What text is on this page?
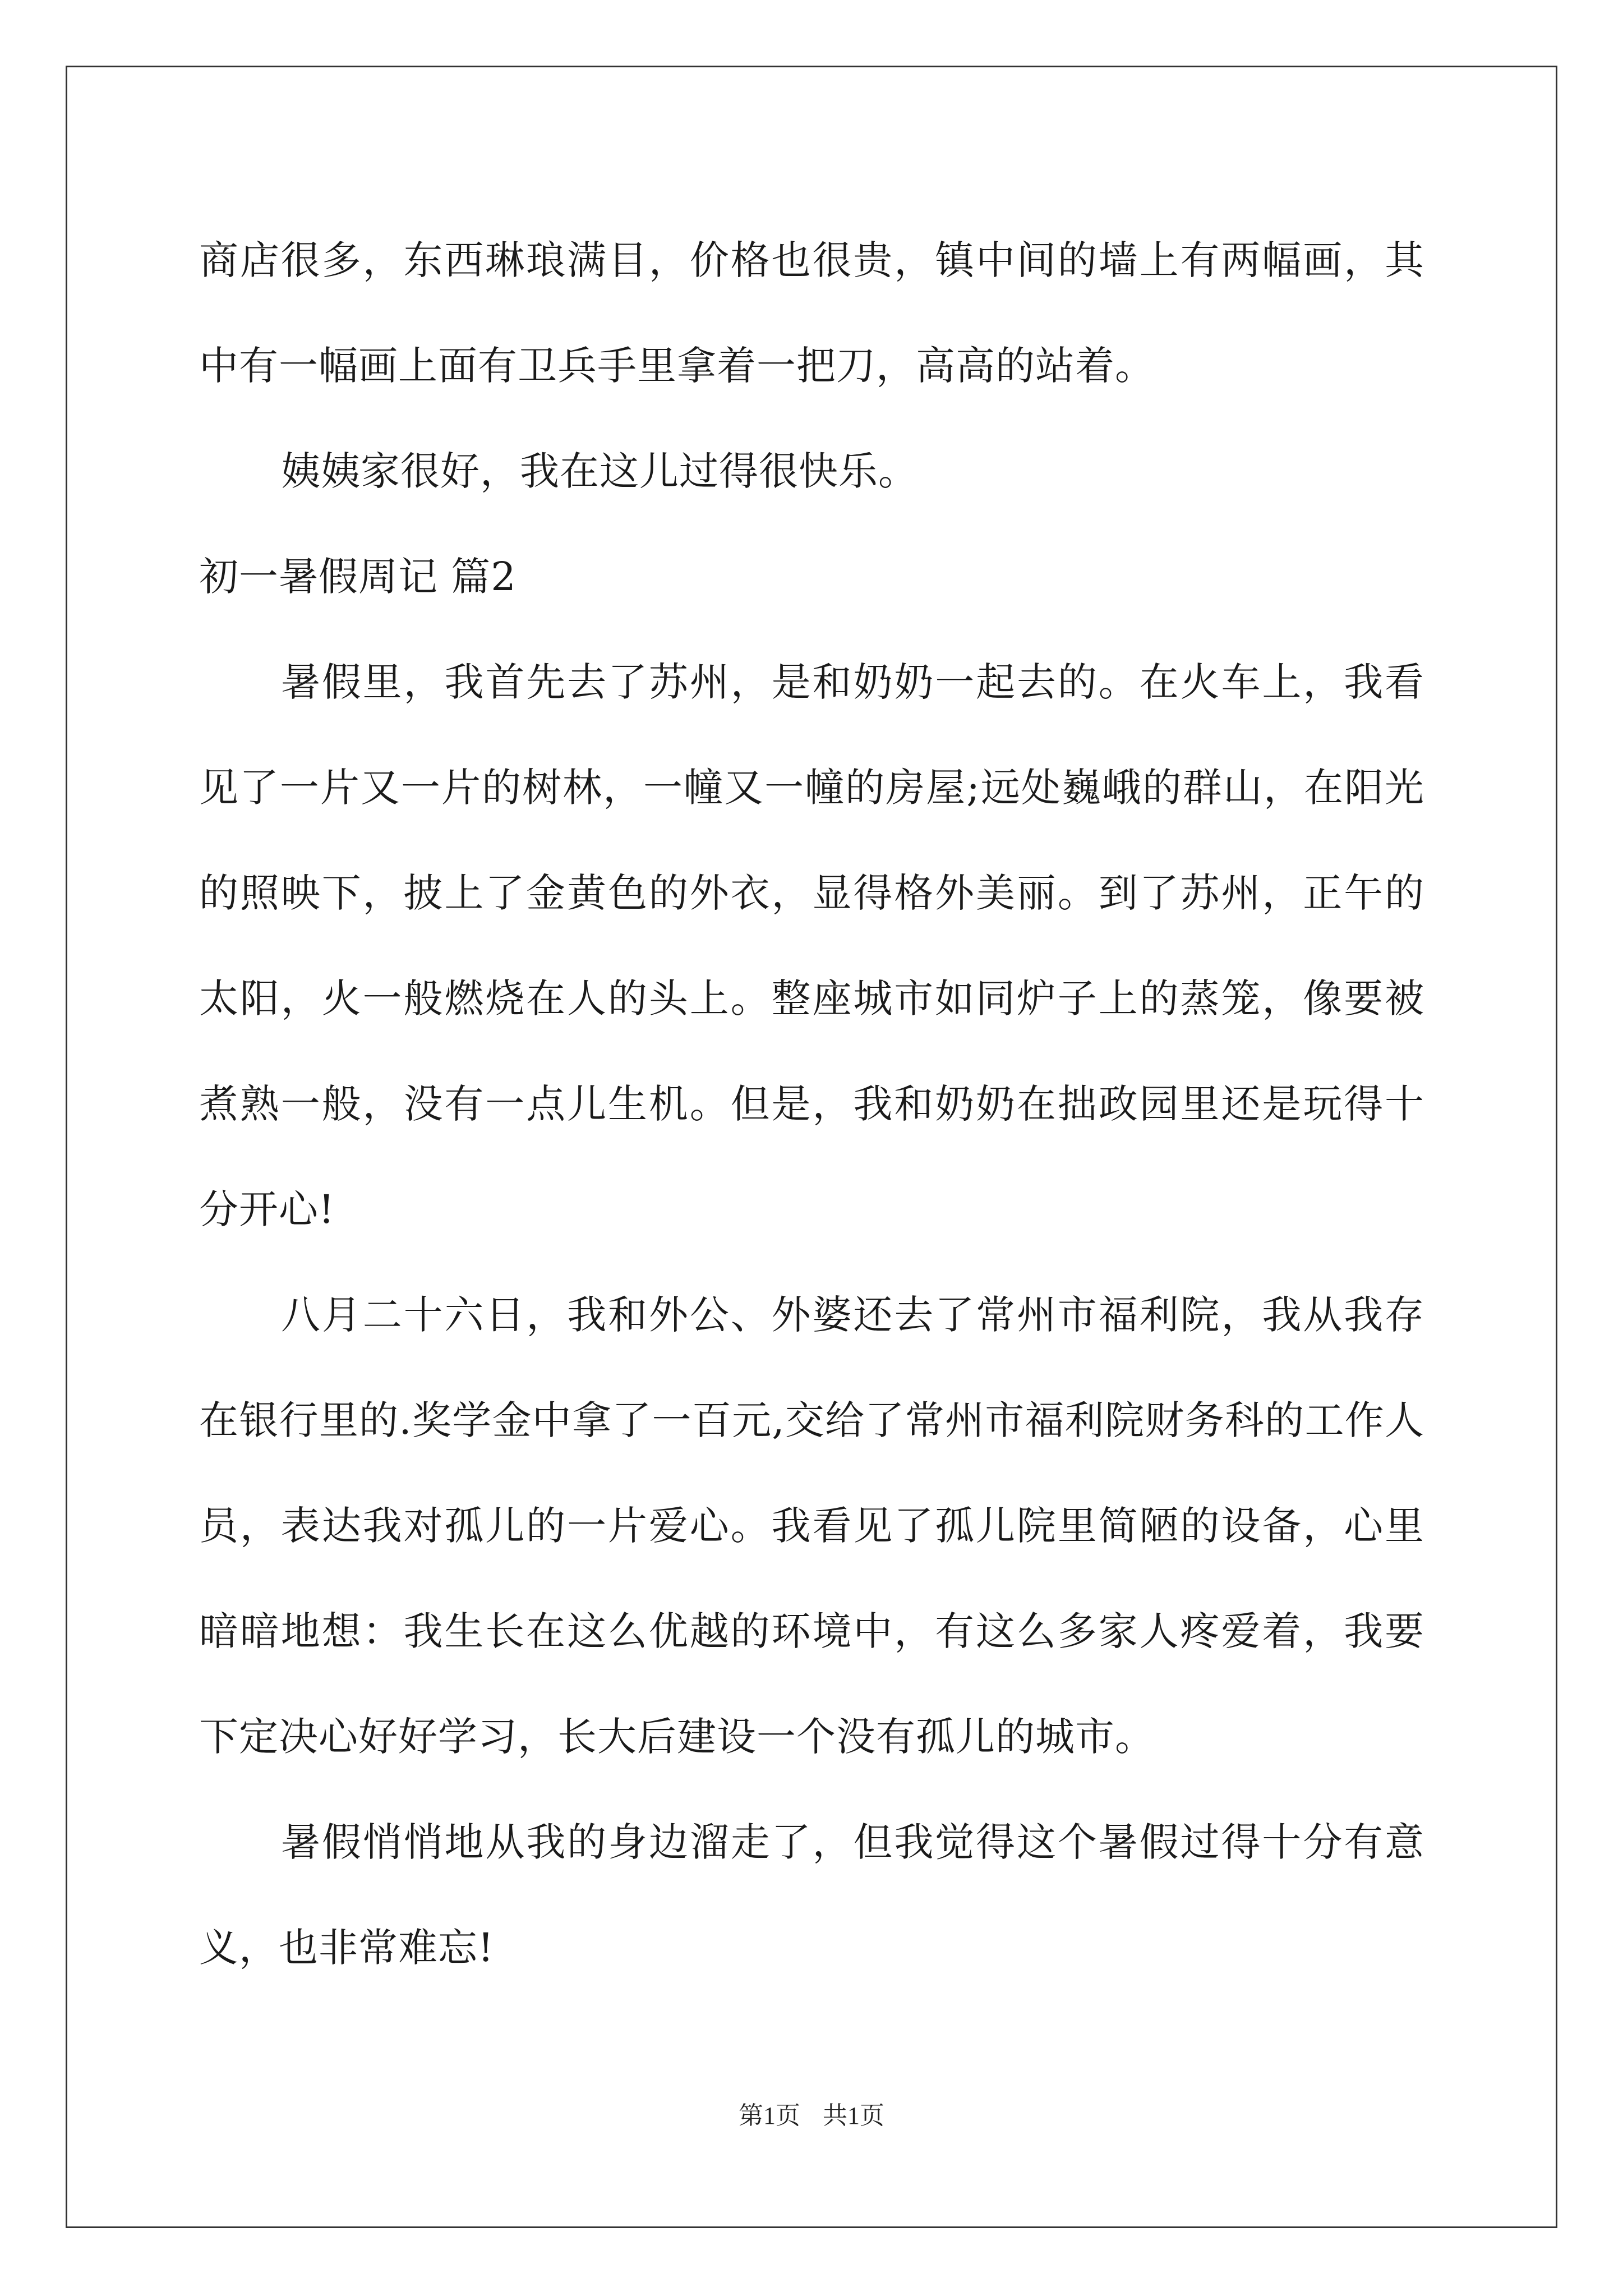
商店很多，东西琳琅满目，价格也很贵，镇中间的墙上有两幅画，其中有一幅画上面有卫兵手里拿着一把刀，高高的站着。

姨姨家很好，我在这儿过得很快乐。

初一暑假周记 篇2

暑假里，我首先去了苏州，是和奶奶一起去的。在火车上，我看见了一片又一片的树林，一幢又一幢的房屋;远处巍峨的群山，在阳光的照映下，披上了金黄色的外衣，显得格外美丽。到了苏州，正午的太阳，火一般燃烧在人的头上。整座城市如同炉子上的蒸笼，像要被煮熟一般，没有一点儿生机。但是，我和奶奶在拙政园里还是玩得十分开心!

八月二十六日，我和外公、外婆还去了常州市福利院，我从我存在银行里的.奖学金中拿了一百元,交给了常州市福利院财务科的工作人员，表达我对孤儿的一片爱心。我看见了孤儿院里简陋的设备，心里暗暗地想：我生长在这么优越的环境中，有这么多家人疼爱着，我要下定决心好好学习，长大后建设一个没有孤儿的城市。

暑假悄悄地从我的身边溜走了，但我觉得这个暑假过得十分有意义，也非常难忘!

第1页 共1页
